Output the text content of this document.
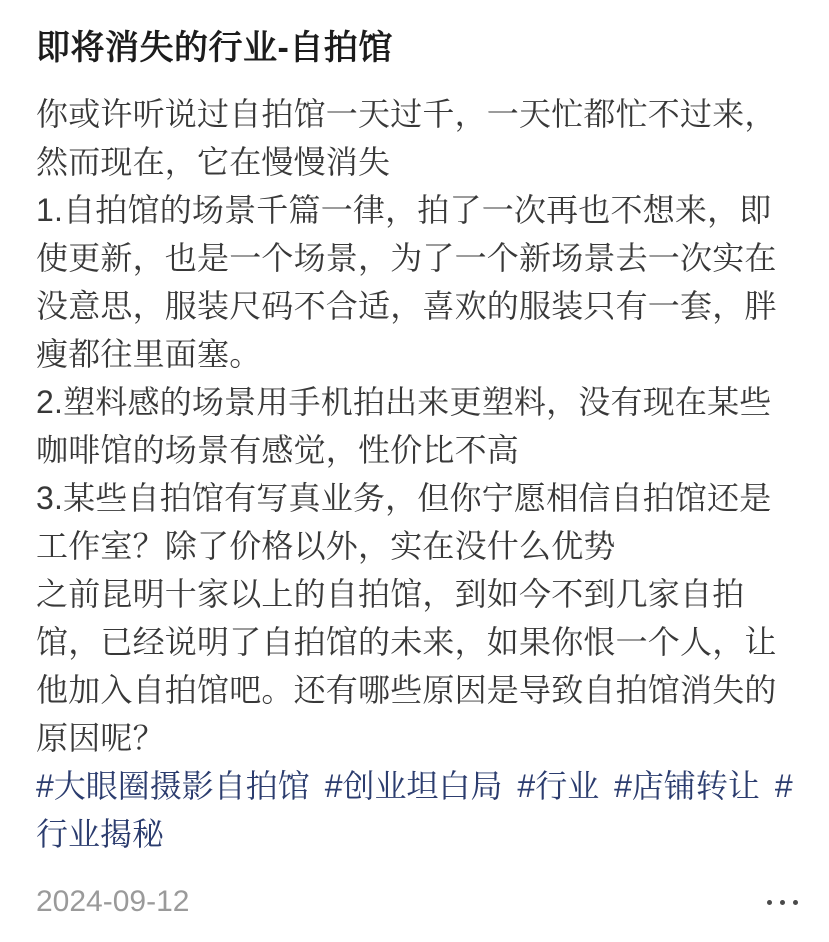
即将消失的行业-自拍馆

你或许听说过自拍馆一天过千，一天忙都忙不过来，然而现在，它在慢慢消失

1.自拍馆的场景千篇一律，拍了一次再也不想来，即使更新，也是一个场景，为了一个新场景去一次实在没意思，服装尺码不合适，喜欢的服装只有一套，胖瘦都往里面塞。

2.塑料感的场景用手机拍出来更塑料，没有现在某些咖啡馆的场景有感觉，性价比不高

3.某些自拍馆有写真业务，但你宁愿相信自拍馆还是工作室？除了价格以外，实在没什么优势

之前昆明十家以上的自拍馆，到如今不到几家自拍馆，已经说明了自拍馆的未来，如果你恨一个人，让他加入自拍馆吧。还有哪些原因是导致自拍馆消失的原因呢？

#大眼圈摄影自拍馆 #创业坦白局 #行业 #店铺转让 #行业揭秘
2024-09-12
